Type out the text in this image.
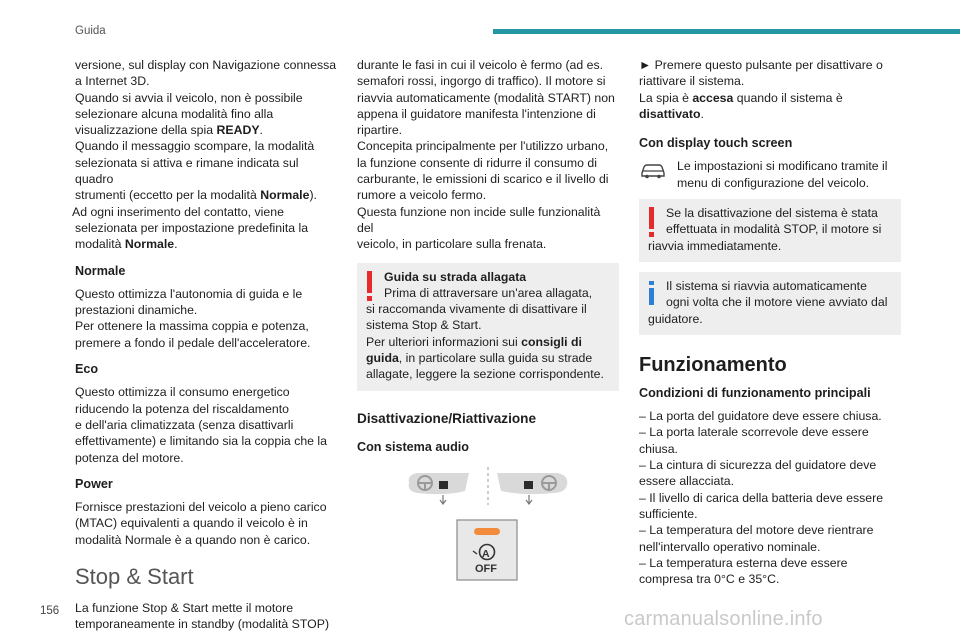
Guida

versione, sul display con Navigazione connessa

a Internet 3D.

Quando si avvia il veicolo, non è possibile

selezionare alcuna modalità fino alla

visualizzazione della spia READY.

Quando il messaggio scompare, la modalità

selezionata si attiva e rimane indicata sul quadro

strumenti (eccetto per la modalità Normale).

Ad ogni inserimento del contatto, viene

selezionata per impostazione predefinita la

modalità Normale.

Normale

Questo ottimizza l'autonomia di guida e le

prestazioni dinamiche.

Per ottenere la massima coppia e potenza,

premere a fondo il pedale dell'acceleratore.

Eco

Questo ottimizza il consumo energetico

riducendo la potenza del riscaldamento

e dell'aria climatizzata (senza disattivarli

effettivamente) e limitando sia la coppia che la

potenza del motore.

Power

Fornisce prestazioni del veicolo a pieno carico

(MTAC) equivalenti a quando il veicolo è in

modalità Normale è a quando non è carico.

Stop & Start

La funzione Stop & Start mette il motore

temporaneamente in standby (modalità STOP)

durante le fasi in cui il veicolo è fermo (ad es.

semafori rossi, ingorgo di traffico). Il motore si

riavvia automaticamente (modalità START) non

appena il guidatore manifesta l'intenzione di

ripartire.

Concepita principalmente per l'utilizzo urbano,

la funzione consente di ridurre il consumo di

carburante, le emissioni di scarico e il livello di

rumore a veicolo fermo.

Questa funzione non incide sulle funzionalità del

veicolo, in particolare sulla frenata.

Guida su strada allagata

Prima di attraversare un'area allagata,

si raccomanda vivamente di disattivare il

sistema Stop & Start.

Per ulteriori informazioni sui consigli di

guida, in particolare sulla guida su strade

allagate, leggere la sezione corrispondente.

Disattivazione/Riattivazione

Con sistema audio

A
OFF

► Premere questo pulsante per disattivare o

riattivare il sistema.

La spia è accesa quando il sistema è

disattivato.

Con display touch screen

Le impostazioni si modificano tramite il

menu di configurazione del veicolo.

Se la disattivazione del sistema è stata

effettuata in modalità STOP, il motore si

riavvia immediatamente.

Il sistema si riavvia automaticamente

ogni volta che il motore viene avviato dal

guidatore.

Funzionamento

Condizioni di funzionamento principali

– La porta del guidatore deve essere chiusa.

– La porta laterale scorrevole deve essere

chiusa.

– La cintura di sicurezza del guidatore deve

essere allacciata.

– Il livello di carica della batteria deve essere

sufficiente.

– La temperatura del motore deve rientrare

nell'intervallo operativo nominale.

– La temperatura esterna deve essere

compresa tra 0°C e 35°C.

156	carmanualsonline.info
